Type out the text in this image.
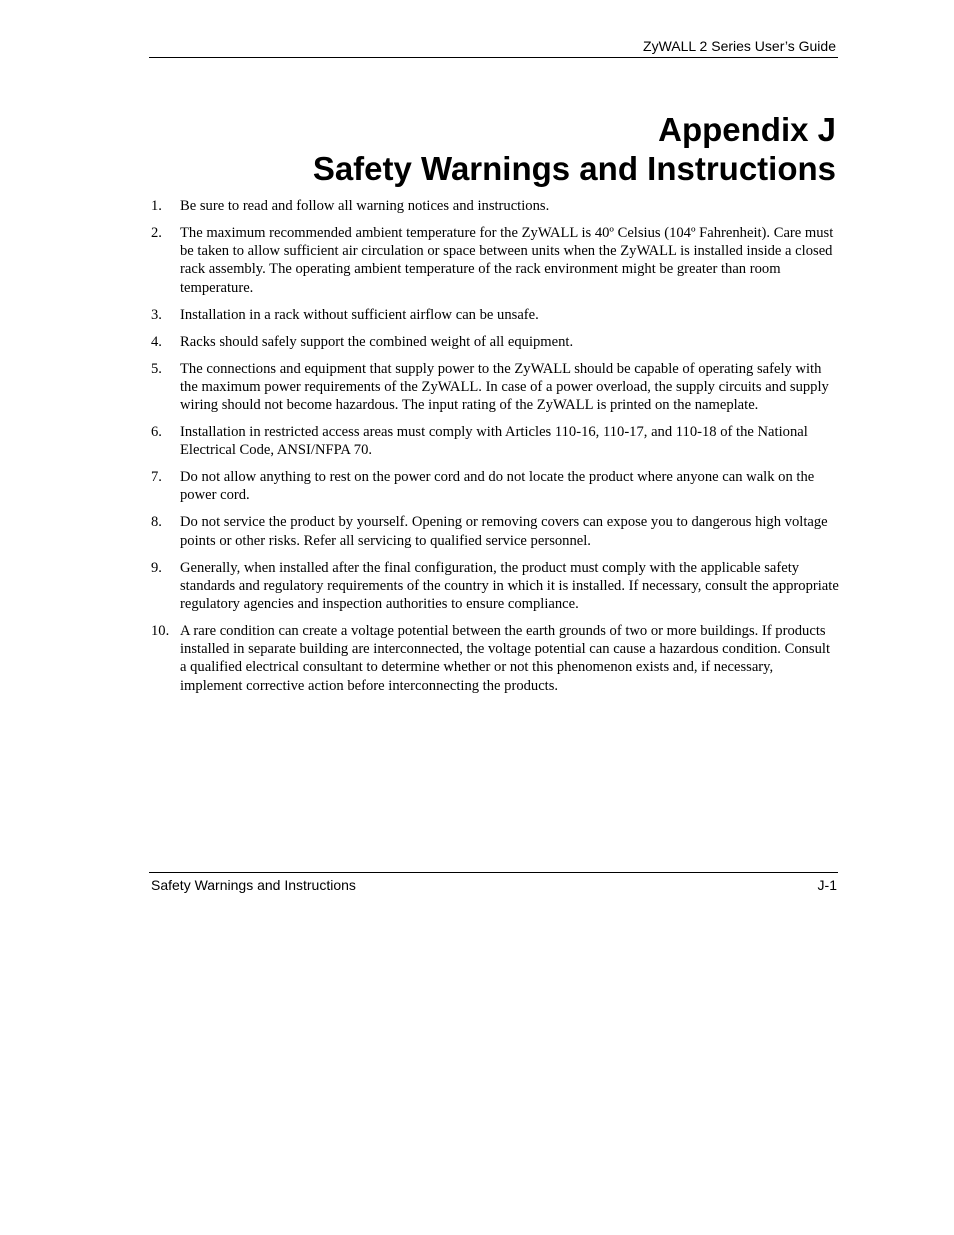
ZyWALL 2 Series User’s Guide
Appendix J
Safety Warnings and Instructions
1. Be sure to read and follow all warning notices and instructions.
2. The maximum recommended ambient temperature for the ZyWALL is 40º Celsius (104º Fahrenheit). Care must be taken to allow sufficient air circulation or space between units when the ZyWALL is installed inside a closed rack assembly. The operating ambient temperature of the rack environment might be greater than room temperature.
3. Installation in a rack without sufficient airflow can be unsafe.
4. Racks should safely support the combined weight of all equipment.
5. The connections and equipment that supply power to the ZyWALL should be capable of operating safely with the maximum power requirements of the ZyWALL. In case of a power overload, the supply circuits and supply wiring should not become hazardous. The input rating of the ZyWALL is printed on the nameplate.
6. Installation in restricted access areas must comply with Articles 110-16, 110-17, and 110-18 of the National Electrical Code, ANSI/NFPA 70.
7. Do not allow anything to rest on the power cord and do not locate the product where anyone can walk on the power cord.
8. Do not service the product by yourself. Opening or removing covers can expose you to dangerous high voltage points or other risks. Refer all servicing to qualified service personnel.
9. Generally, when installed after the final configuration, the product must comply with the applicable safety standards and regulatory requirements of the country in which it is installed. If necessary, consult the appropriate regulatory agencies and inspection authorities to ensure compliance.
10. A rare condition can create a voltage potential between the earth grounds of two or more buildings. If products installed in separate building are interconnected, the voltage potential can cause a hazardous condition. Consult a qualified electrical consultant to determine whether or not this phenomenon exists and, if necessary, implement corrective action before interconnecting the products.
Safety Warnings and Instructions	J-1
